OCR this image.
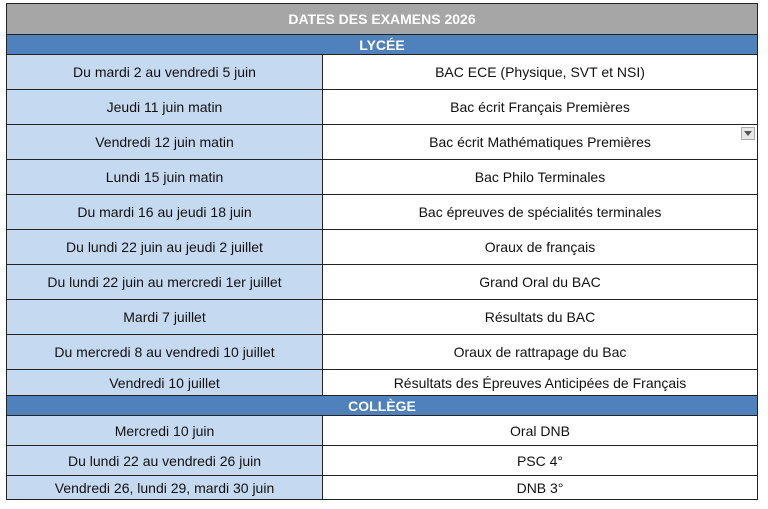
DATES DES EXAMENS 2026
LYCÉE
Du mardi 2 au vendredi 5 juin	BAC ECE (Physique, SVT et NSI)
Jeudi 11 juin matin	Bac écrit Français Premières
Vendredi 12 juin matin	Bac écrit Mathématiques Premières
Lundi 15 juin matin	Bac Philo Terminales
Du mardi 16 au jeudi 18 juin	Bac épreuves de spécialités terminales
Du lundi 22 juin au jeudi 2 juillet	Oraux de français
Du lundi 22 juin au mercredi 1er juillet	Grand Oral du BAC
Mardi 7 juillet	Résultats du BAC
Du mercredi 8 au vendredi 10 juillet	Oraux de rattrapage du Bac
Vendredi 10 juillet	Résultats des Épreuves Anticipées de Français
COLLÈGE
Mercredi 10 juin	Oral DNB
Du lundi 22 au vendredi 26 juin	PSC 4°
Vendredi 26, lundi 29, mardi 30 juin	DNB 3°
